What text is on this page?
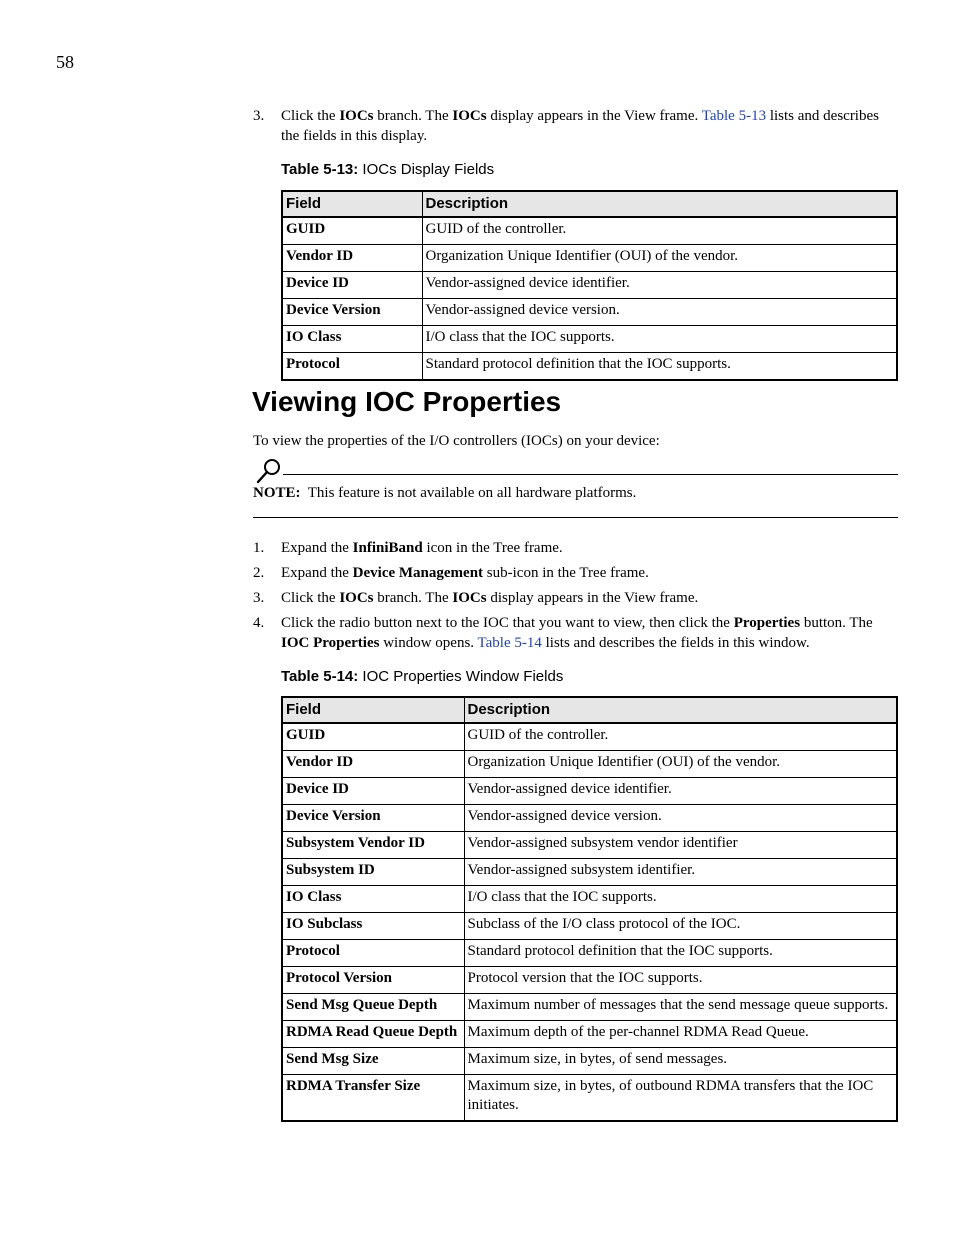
58
3. Click the IOCs branch. The IOCs display appears in the View frame. Table 5-13 lists and describes the fields in this display.
Table 5-13: IOCs Display Fields
Field	Description
GUID	GUID of the controller.
Vendor ID	Organization Unique Identifier (OUI) of the vendor.
Device ID	Vendor-assigned device identifier.
Device Version	Vendor-assigned device version.
IO Class	I/O class that the IOC supports.
Protocol	Standard protocol definition that the IOC supports.
Viewing IOC Properties
To view the properties of the I/O controllers (IOCs) on your device:
NOTE:  This feature is not available on all hardware platforms.
1. Expand the InfiniBand icon in the Tree frame.
2. Expand the Device Management sub-icon in the Tree frame.
3. Click the IOCs branch. The IOCs display appears in the View frame.
4. Click the radio button next to the IOC that you want to view, then click the Properties button. The IOC Properties window opens. Table 5-14 lists and describes the fields in this window.
Table 5-14: IOC Properties Window Fields
Field	Description
GUID	GUID of the controller.
Vendor ID	Organization Unique Identifier (OUI) of the vendor.
Device ID	Vendor-assigned device identifier.
Device Version	Vendor-assigned device version.
Subsystem Vendor ID	Vendor-assigned subsystem vendor identifier
Subsystem ID	Vendor-assigned subsystem identifier.
IO Class	I/O class that the IOC supports.
IO Subclass	Subclass of the I/O class protocol of the IOC.
Protocol	Standard protocol definition that the IOC supports.
Protocol Version	Protocol version that the IOC supports.
Send Msg Queue Depth	Maximum number of messages that the send message queue supports.
RDMA Read Queue Depth	Maximum depth of the per-channel RDMA Read Queue.
Send Msg Size	Maximum size, in bytes, of send messages.
RDMA Transfer Size	Maximum size, in bytes, of outbound RDMA transfers that the IOC initiates.
